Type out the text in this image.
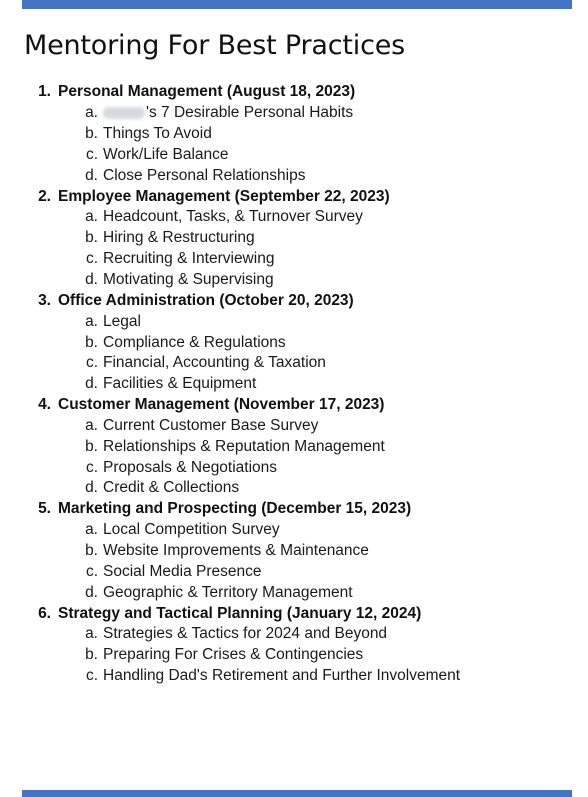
Mentoring For Best Practices
1. Personal Management (August 18, 2023)
a.	's 7 Desirable Personal Habits
b. Things To Avoid
c. Work/Life Balance
d. Close Personal Relationships
2. Employee Management (September 22, 2023)
a. Headcount, Tasks, & Turnover Survey
b. Hiring & Restructuring
c. Recruiting & Interviewing
d. Motivating & Supervising
3. Office Administration (October 20, 2023)
a. Legal
b. Compliance & Regulations
c. Financial, Accounting & Taxation
d. Facilities & Equipment
4. Customer Management (November 17, 2023)
a. Current Customer Base Survey
b. Relationships & Reputation Management
c. Proposals & Negotiations
d. Credit & Collections
5. Marketing and Prospecting (December 15, 2023)
a. Local Competition Survey
b. Website Improvements & Maintenance
c. Social Media Presence
d. Geographic & Territory Management
6. Strategy and Tactical Planning (January 12, 2024)
a. Strategies & Tactics for 2024 and Beyond
b. Preparing For Crises & Contingencies
c. Handling Dad's Retirement and Further Involvement
